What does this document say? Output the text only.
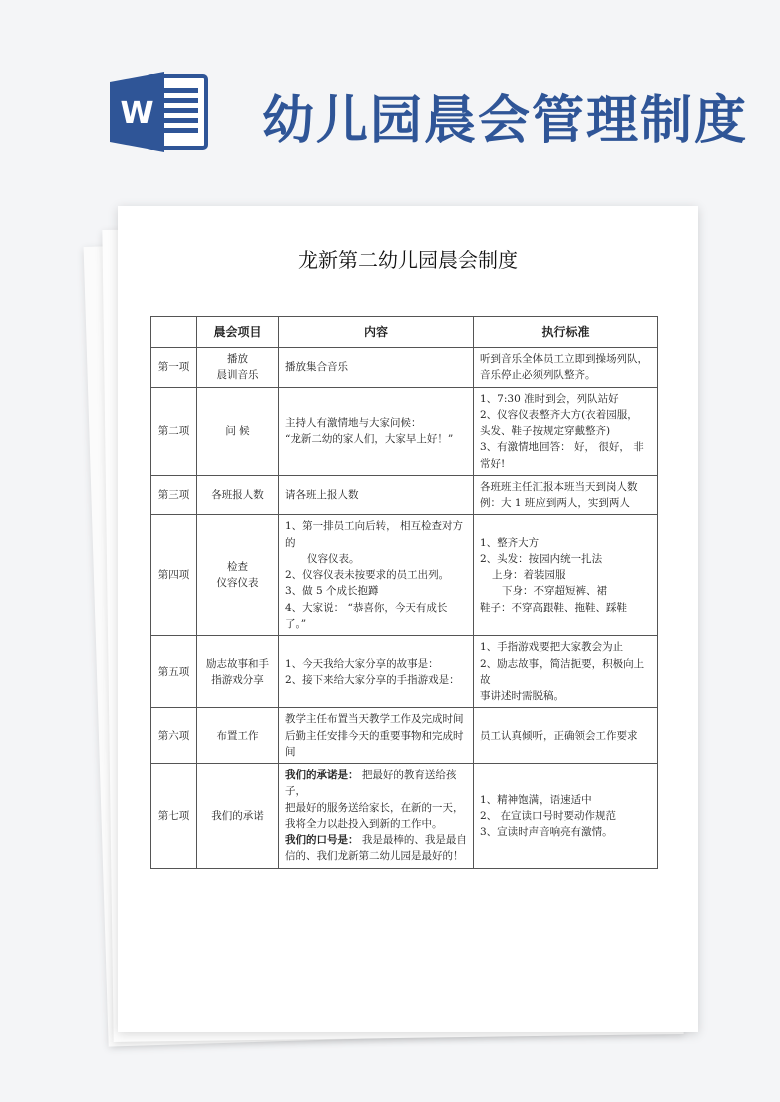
W 幼儿园晨会管理制度
龙新第二幼儿园晨会制度
	晨会项目	内容	执行标准
第一项	播放
晨训音乐	播放集合音乐	听到音乐全体员工立即到操场列队，
音乐停止必须列队整齐。

第二项	问 候	主持人有激情地与大家问候：
“龙新二幼的家人们，大家早上好！”	1、7:30 准时到会，列队站好
2、仪容仪表整齐大方(衣着园服，
头发、鞋子按规定穿戴整齐)
3、有激情地回答： 好， 很好， 非常好!

第三项	各班报人数	请各班上报人数	各班班主任汇报本班当天到岗人数
例：大 1 班应到两人，实到两人

第四项	检查
仪容仪表	1、第一排员工向后转， 相互检查对方的
仪容仪表。
2、仪容仪表未按要求的员工出列。
3、做 5 个成长抱蹲
4、大家说： “恭喜你，今天有成长了。”	1、整齐大方
2、头发：按园内统一扎法
上身：着装园服
下身：不穿超短裤、裙
鞋子：不穿高跟鞋、拖鞋、踩鞋

第五项	励志故事和手
指游戏分享	1、今天我给大家分享的故事是：
2、接下来给大家分享的手指游戏是：	1、手指游戏要把大家教会为止
2、励志故事，简洁扼要，积极向上故
事讲述时需脱稿。

第六项	布置工作	教学主任布置当天教学工作及完成时间
后勤主任安排今天的重要事物和完成时
间	员工认真倾听，正确领会工作要求

第七项	我们的承诺	我们的承诺是： 把最好的教育送给孩子，
把最好的服务送给家长，在新的一天，
我将全力以赴投入到新的工作中。
我们的口号是： 我是最棒的、我是最自
信的、我们龙新第二幼儿园是最好的！	1、精神饱满，语速适中
2、 在宣读口号时要动作规范
3、宣读时声音响亮有激情。
